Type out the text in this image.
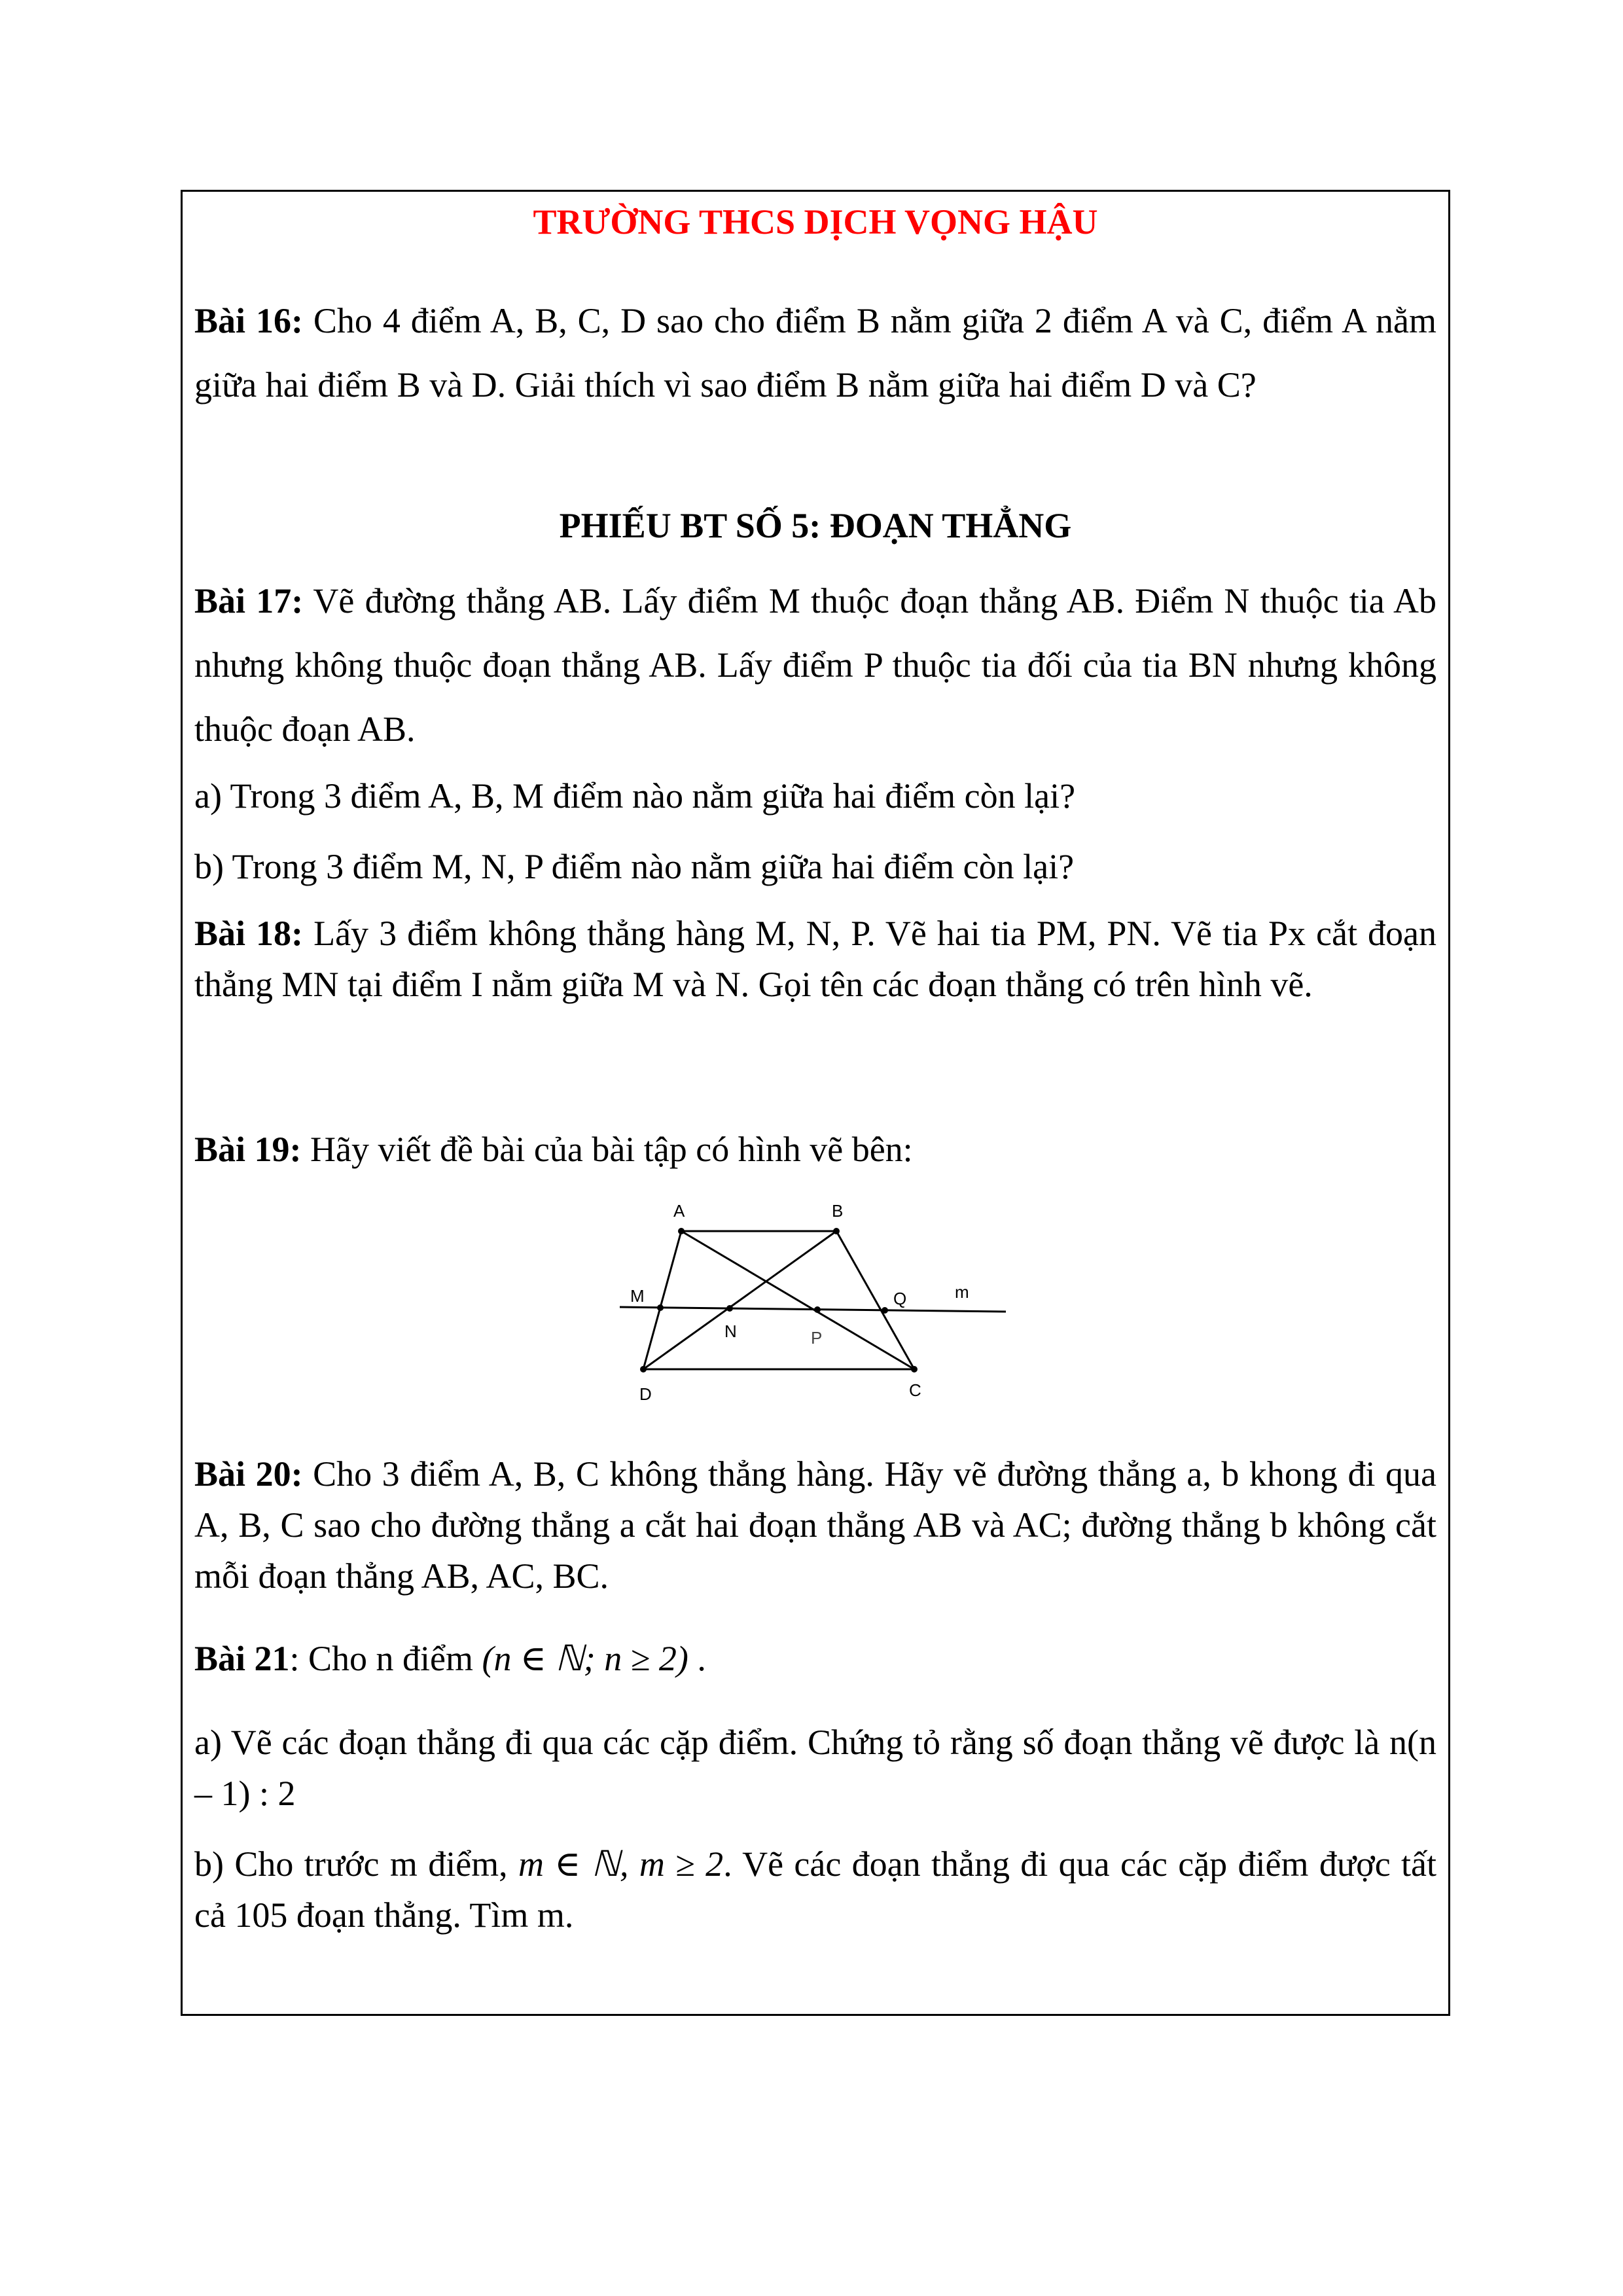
TRƯỜNG THCS DỊCH VỌNG HẬU
Bài 16: Cho 4 điểm A, B, C, D sao cho điểm B nằm giữa 2 điểm A và C, điểm A nằm giữa hai điểm B và D. Giải thích vì sao điểm B nằm giữa hai điểm D và C?
PHIẾU BT SỐ 5: ĐOẠN THẲNG
Bài 17: Vẽ đường thẳng AB. Lấy điểm M thuộc đoạn thẳng AB. Điểm N thuộc tia Ab nhưng không thuộc đoạn thẳng AB. Lấy điểm P thuộc tia đối của tia BN nhưng không thuộc đoạn AB.
a) Trong 3 điểm A, B, M điểm nào nằm giữa hai điểm còn lại?
b) Trong 3 điểm M, N, P điểm nào nằm giữa hai điểm còn lại?
Bài 18: Lấy 3 điểm không thẳng hàng M, N, P. Vẽ hai tia PM, PN. Vẽ tia Px cắt đoạn thẳng MN tại điểm I nằm giữa M và N. Gọi tên các đoạn thẳng có trên hình vẽ.
Bài 19: Hãy viết đề bài của bài tập có hình vẽ bên:
A	B
C
D
M
N	P
Q	m
Bài 20: Cho 3 điểm A, B, C không thẳng hàng. Hãy vẽ đường thẳng a, b khong đi qua A, B, C sao cho đường thẳng a cắt hai đoạn thẳng AB và AC; đường thẳng b không cắt mỗi đoạn thẳng AB, AC, BC.
Bài 21: Cho n điểm (n ∈ ℕ; n ≥ 2) .
a) Vẽ các đoạn thẳng đi qua các cặp điểm. Chứng tỏ rằng số đoạn thẳng vẽ được là n(n – 1) : 2
b) Cho trước m điểm, m ∈ ℕ, m ≥ 2. Vẽ các đoạn thẳng đi qua các cặp điểm được tất cả 105 đoạn thẳng. Tìm m.
